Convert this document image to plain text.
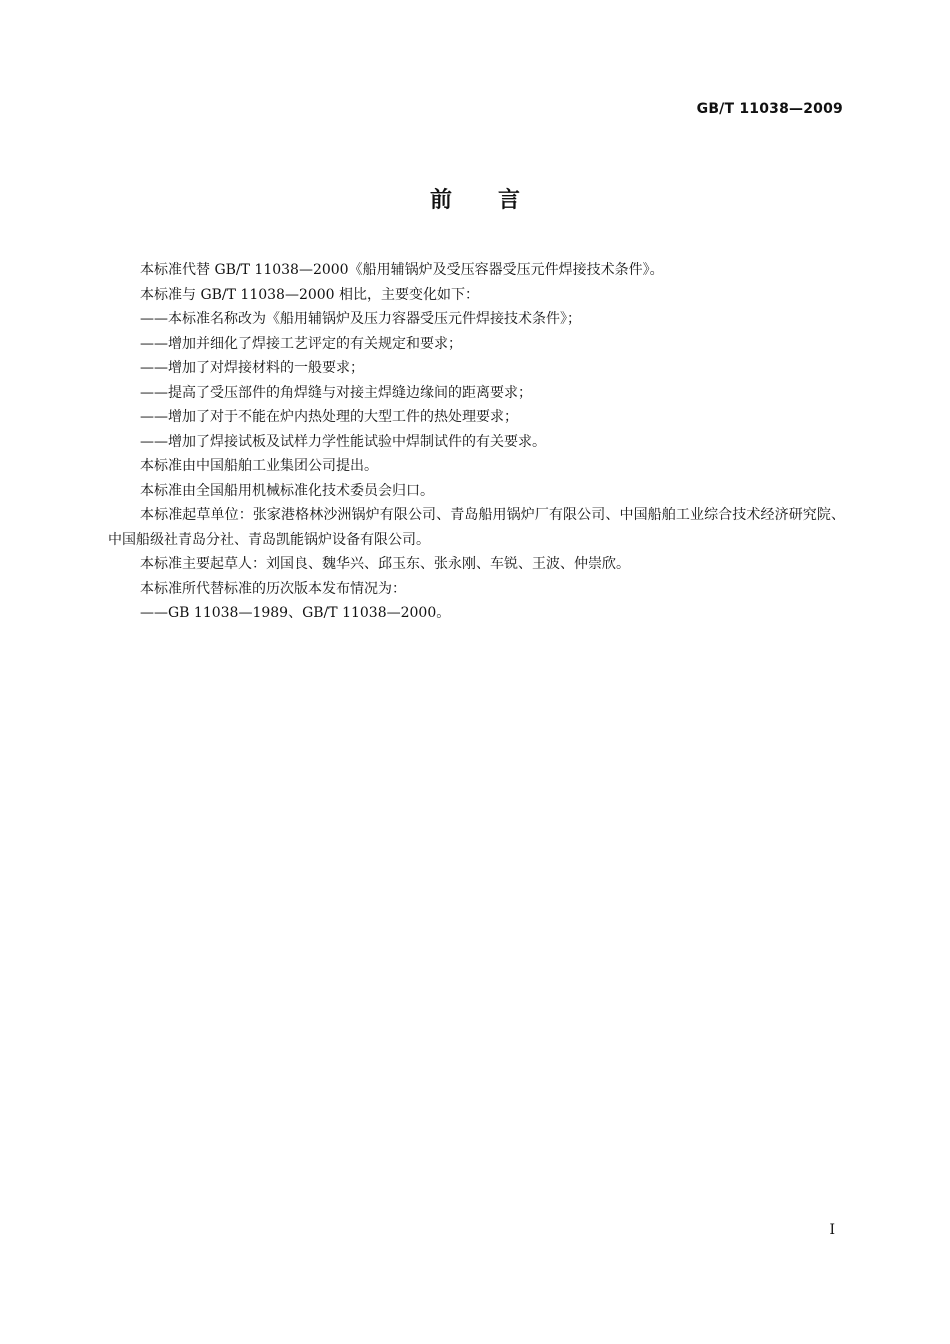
GB/T 11038—2009
前言

本标准代替 GB/T 11038—2000《船用辅锅炉及受压容器受压元件焊接技术条件》。

本标准与 GB/T 11038—2000 相比，主要变化如下：

——本标准名称改为《船用辅锅炉及压力容器受压元件焊接技术条件》；

——增加并细化了焊接工艺评定的有关规定和要求；

——增加了对焊接材料的一般要求；

——提高了受压部件的角焊缝与对接主焊缝边缘间的距离要求；

——增加了对于不能在炉内热处理的大型工件的热处理要求；

——增加了焊接试板及试样力学性能试验中焊制试件的有关要求。

本标准由中国船舶工业集团公司提出。

本标准由全国船用机械标准化技术委员会归口。

本标准起草单位：张家港格林沙洲锅炉有限公司、青岛船用锅炉厂有限公司、中国船舶工业综合技术经济研究院、中国船级社青岛分社、青岛凯能锅炉设备有限公司。

本标准主要起草人：刘国良、魏华兴、邱玉东、张永刚、车锐、王波、仲崇欣。

本标准所代替标准的历次版本发布情况为：

——GB 11038—1989、GB/T 11038—2000。

I
